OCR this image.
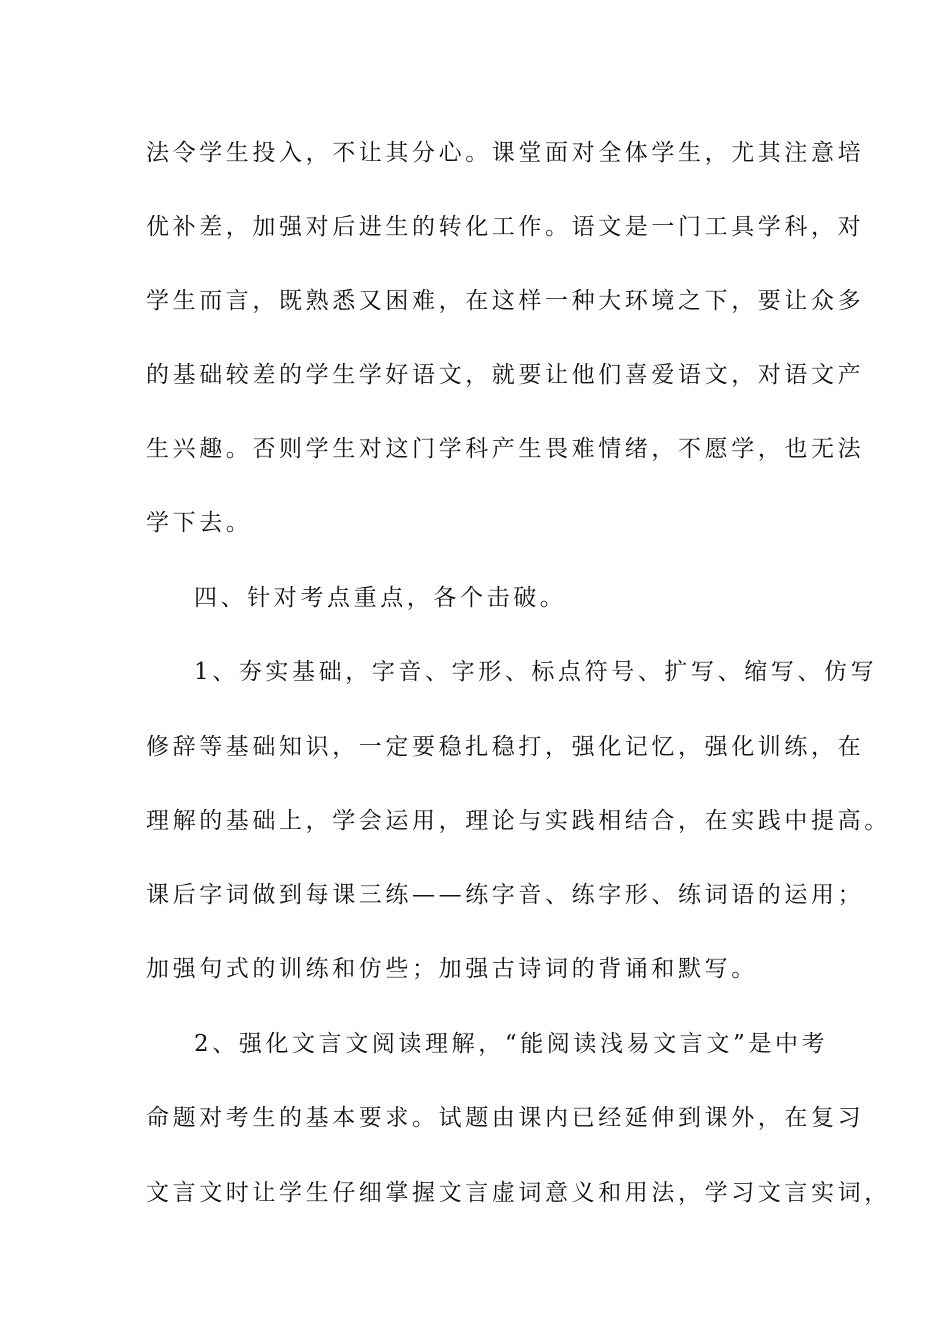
法令学生投入，不让其分心。课堂面对全体学生，尤其注意培
优补差，加强对后进生的转化工作。语文是一门工具学科，对
学生而言，既熟悉又困难，在这样一种大环境之下，要让众多
的基础较差的学生学好语文，就要让他们喜爱语文，对语文产
生兴趣。否则学生对这门学科产生畏难情绪，不愿学，也无法
学下去。
四、针对考点重点，各个击破。
1、夯实基础，字音、字形、标点符号、扩写、缩写、仿写
修辞等基础知识，一定要稳扎稳打，强化记忆，强化训练，在
理解的基础上，学会运用，理论与实践相结合，在实践中提高。
课后字词做到每课三练——练字音、练字形、练词语的运用；
加强句式的训练和仿些；加强古诗词的背诵和默写。
2、强化文言文阅读理解，“能阅读浅易文言文”是中考
命题对考生的基本要求。试题由课内已经延伸到课外，在复习
文言文时让学生仔细掌握文言虚词意义和用法，学习文言实词，
